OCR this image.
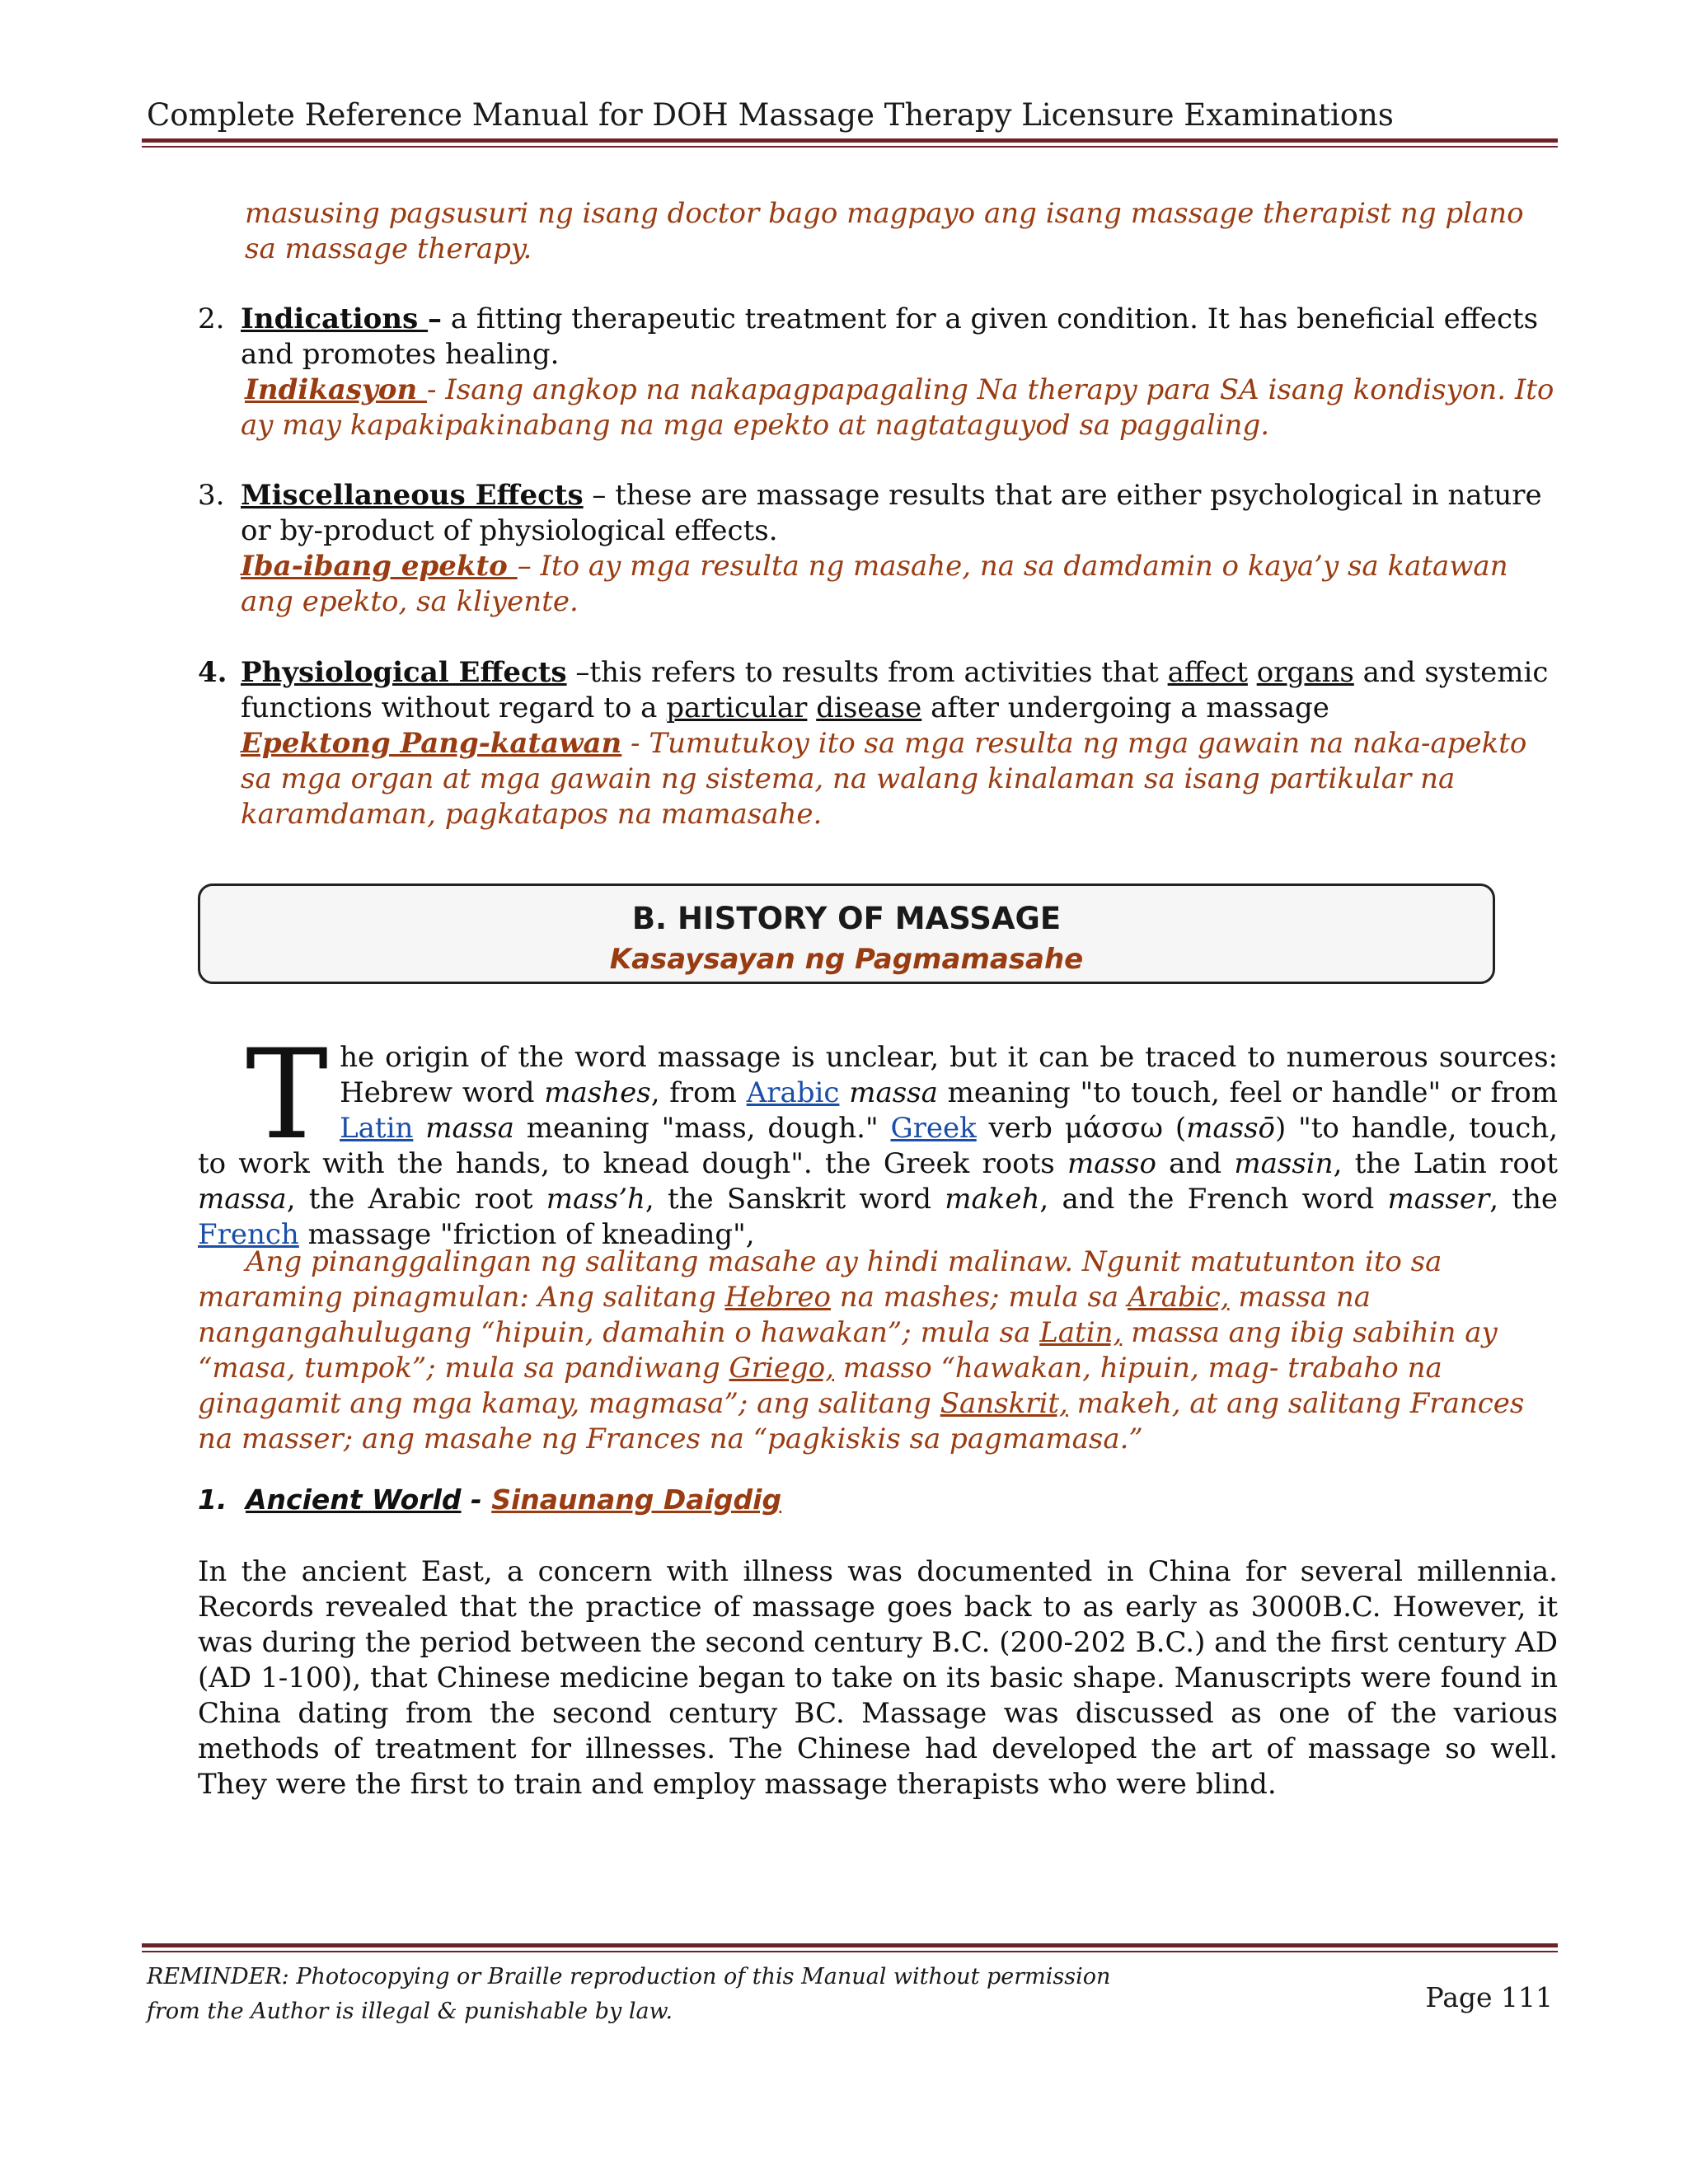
Complete Reference Manual for DOH Massage Therapy Licensure Examinations
masusing pagsusuri ng isang doctor bago magpayo ang isang massage therapist ng plano sa massage therapy.
2. Indications – a fitting therapeutic treatment for a given condition. It has beneficial effects and promotes healing.
Indikasyon - Isang angkop na nakapagpapagaling Na therapy para SA isang kondisyon. Ito ay may kapakipakinabang na mga epekto at nagtataguyod sa paggaling.
3. Miscellaneous Effects – these are massage results that are either psychological in nature or by-product of physiological effects.
Iba-ibang epekto – Ito ay mga resulta ng masahe, na sa damdamin o kaya’y sa katawan ang epekto, sa kliyente.
4. Physiological Effects –this refers to results from activities that affect organs and systemic functions without regard to a particular disease after undergoing a massage
Epektong Pang-katawan - Tumutukoy ito sa mga resulta ng mga gawain na naka-apekto sa mga organ at mga gawain ng sistema, na walang kinalaman sa isang partikular na karamdaman, pagkatapos na mamasahe.
B. HISTORY OF MASSAGE
Kasaysayan ng Pagmamasahe
The origin of the word massage is unclear, but it can be traced to numerous sources: Hebrew word mashes, from Arabic massa meaning "to touch, feel or handle" or from Latin massa meaning "mass, dough." Greek verb μάσσω (massō) "to handle, touch, to work with the hands, to knead dough". the Greek roots masso and massin, the Latin root massa, the Arabic root mass’h, the Sanskrit word makeh, and the French word masser, the French massage "friction of kneading",
Ang pinanggalingan ng salitang masahe ay hindi malinaw. Ngunit matutunton ito sa maraming pinagmulan: Ang salitang Hebreo na mashes; mula sa Arabic, massa na nangangahulugang “hipuin, damahin o hawakan”; mula sa Latin, massa ang ibig sabihin ay “masa, tumpok”; mula sa pandiwang Griego, masso “hawakan, hipuin, mag- trabaho na ginagamit ang mga kamay, magmasa”; ang salitang Sanskrit, makeh, at ang salitang Frances na masser; ang masahe ng Frances na “pagkiskis sa pagmamasa.”
1. Ancient World - Sinaunang Daigdig
In the ancient East, a concern with illness was documented in China for several millennia. Records revealed that the practice of massage goes back to as early as 3000B.C. However, it was during the period between the second century B.C. (200-202 B.C.) and the first century AD (AD 1-100), that Chinese medicine began to take on its basic shape. Manuscripts were found in China dating from the second century BC. Massage was discussed as one of the various methods of treatment for illnesses. The Chinese had developed the art of massage so well. They were the first to train and employ massage therapists who were blind.
REMINDER: Photocopying or Braille reproduction of this Manual without permission
from the Author is illegal & punishable by law.	Page 111
